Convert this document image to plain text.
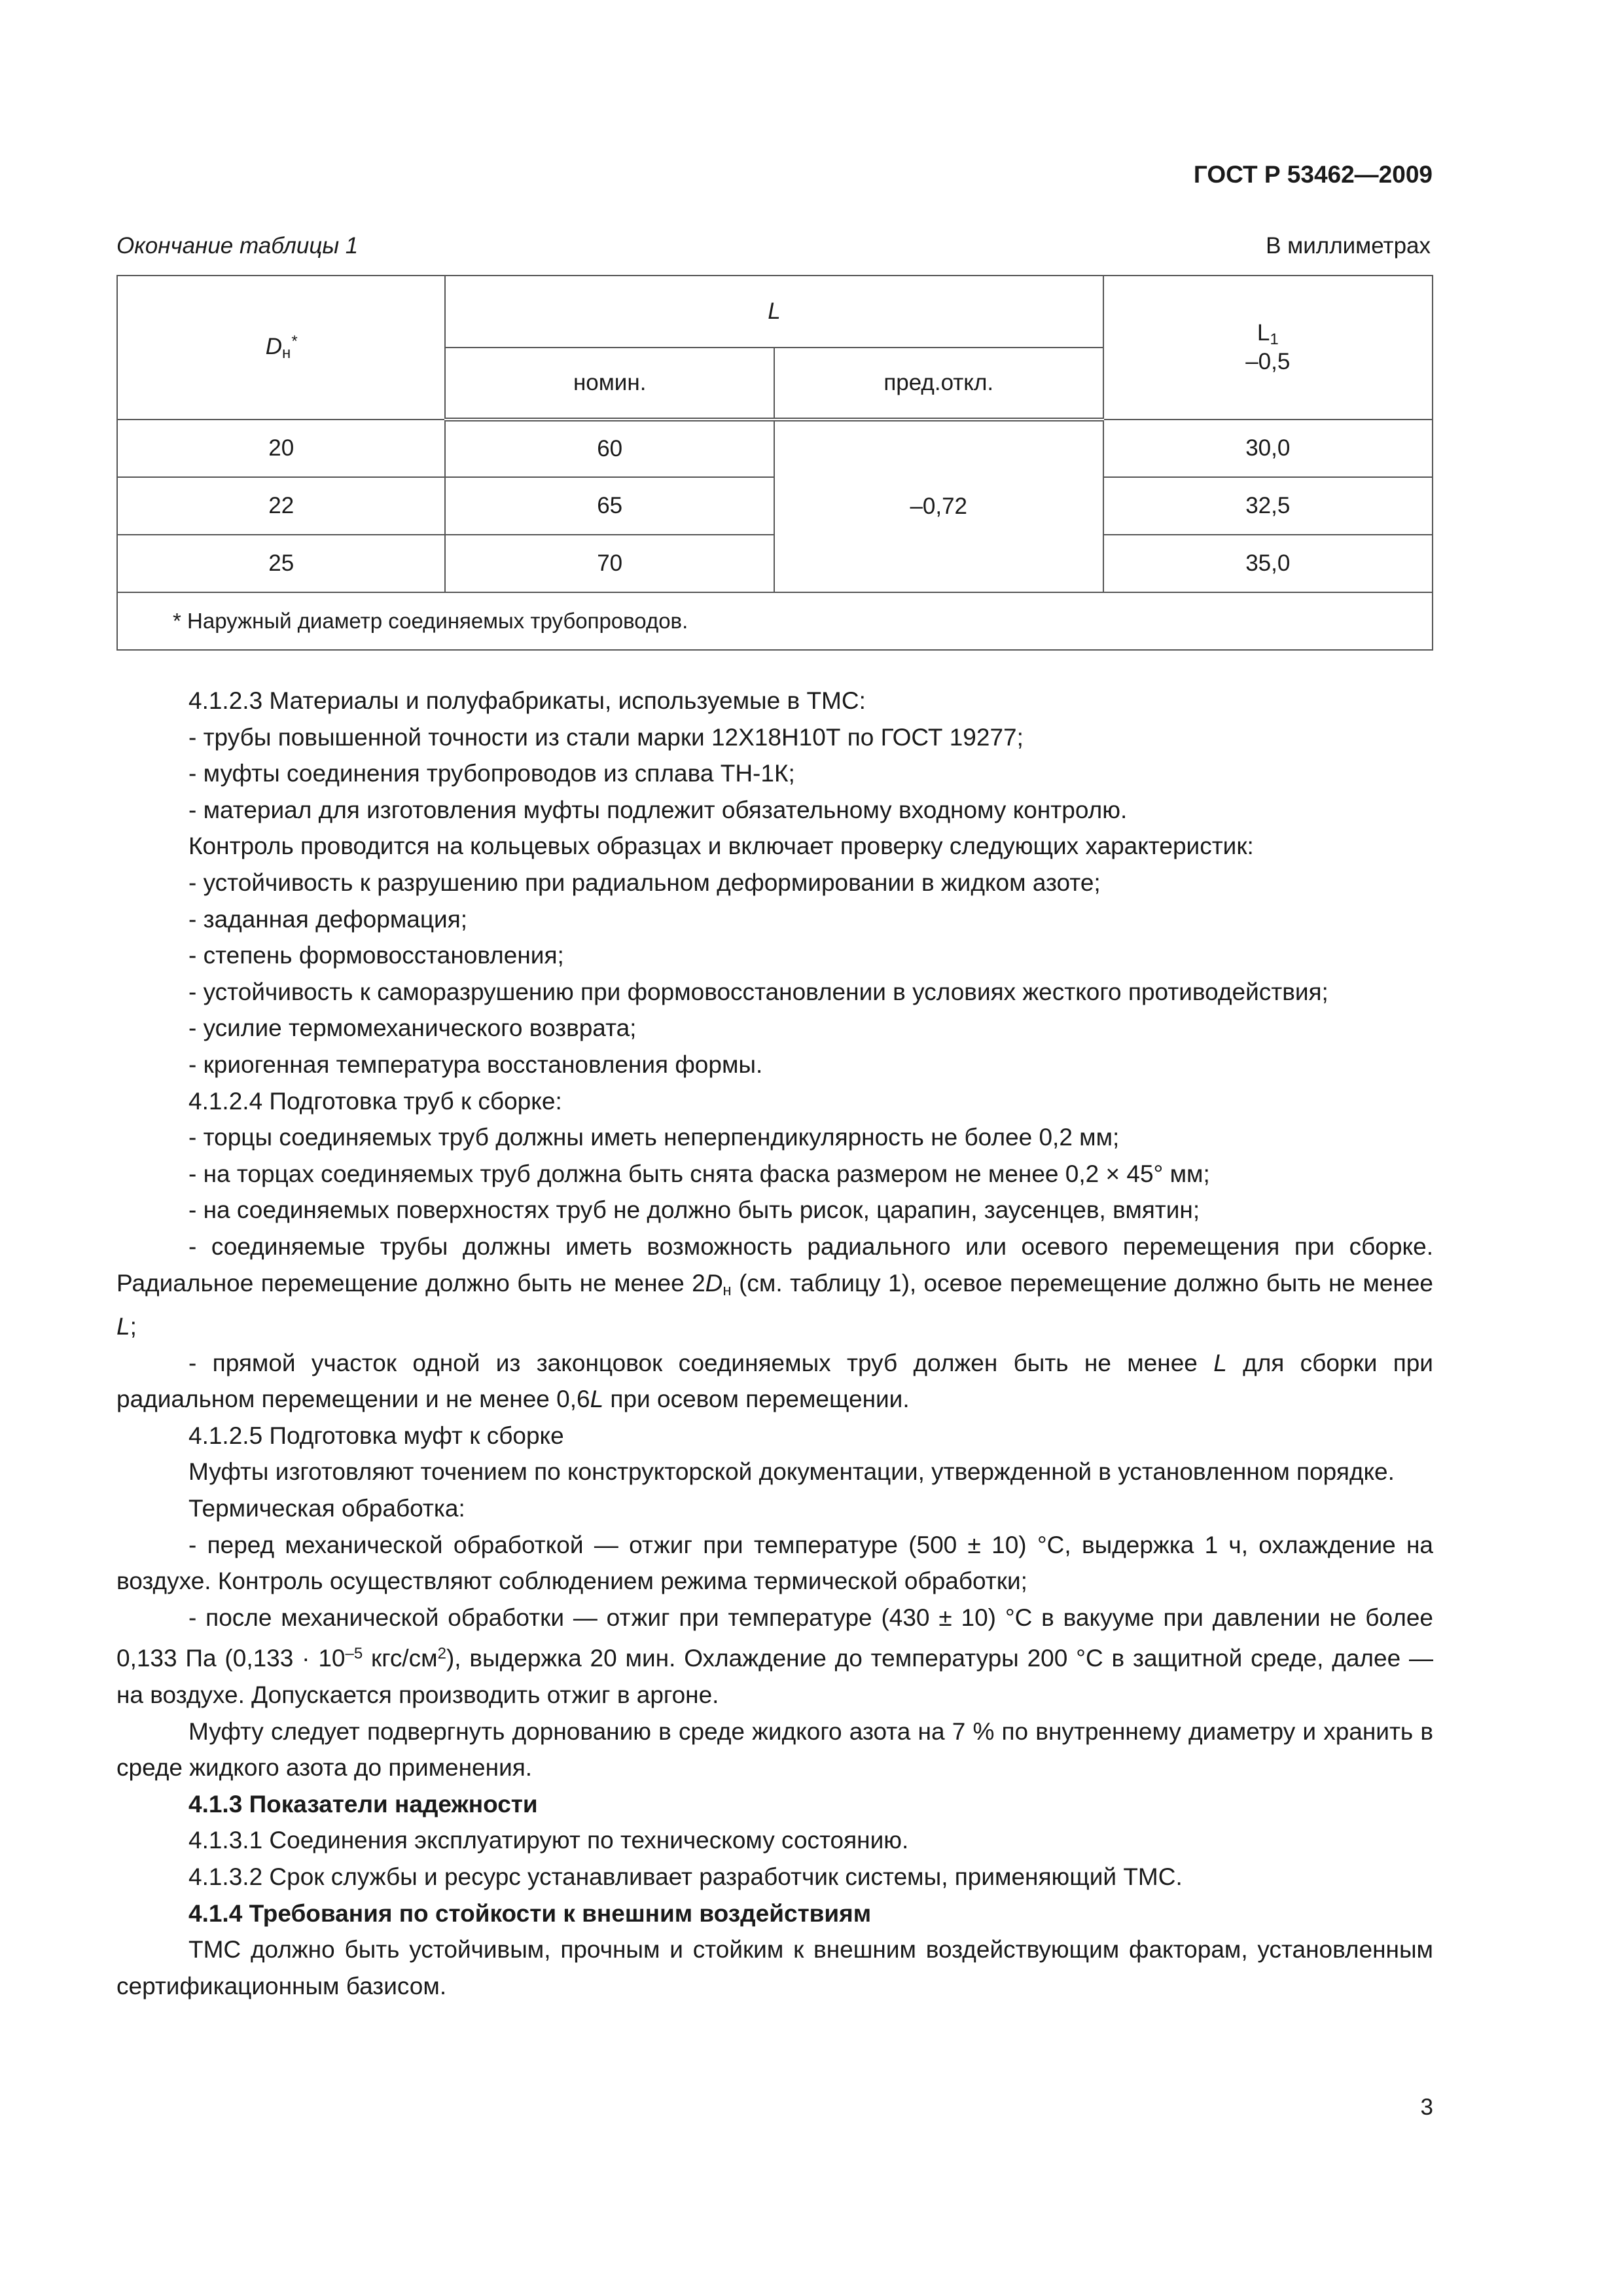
ГОСТ Р 53462—2009
Окончание таблицы 1	В миллиметрах
$D_н^*$	L		$L_1$
–0,5

	номин.	пред.откл.	
20	60	–0,72	30,0
22	65		32,5
25	70		35,0
* Наружный диаметр соединяемых трубопроводов.			

4.1.2.3 Материалы и полуфабрикаты, используемые в ТМС:

- трубы повышенной точности из стали марки 12Х18Н10Т по ГОСТ 19277;

- муфты соединения трубопроводов из сплава ТН-1К;

- материал для изготовления муфты подлежит обязательному входному контролю.

Контроль проводится на кольцевых образцах и включает проверку следующих характеристик:

- устойчивость к разрушению при радиальном деформировании в жидком азоте;

- заданная деформация;

- степень формовосстановления;

- устойчивость к саморазрушению при формовосстановлении в условиях жесткого противодействия;

- усилие термомеханического возврата;

- криогенная температура восстановления формы.

4.1.2.4 Подготовка труб к сборке:

- торцы соединяемых труб должны иметь неперпендикулярность не более 0,2 мм;

- на торцах соединяемых труб должна быть снята фаска размером не менее 0,2 × 45° мм;

- на соединяемых поверхностях труб не должно быть рисок, царапин, заусенцев, вмятин;

- соединяемые трубы должны иметь возможность радиального или осевого перемещения при сборке. Радиальное перемещение должно быть не менее $2D_н$ (см. таблицу 1), осевое перемещение должно быть не менее L;

- прямой участок одной из законцовок соединяемых труб должен быть не менее L для сборки при радиальном перемещении и не менее 0,6L при осевом перемещении.

4.1.2.5 Подготовка муфт к сборке

Муфты изготовляют точением по конструкторской документации, утвержденной в установленном порядке.

Термическая обработка:

- перед механической обработкой — отжиг при температуре (500 ± 10) °С, выдержка 1 ч, охлаждение на воздухе. Контроль осуществляют соблюдением режима термической обработки;

- после механической обработки — отжиг при температуре (430 ± 10) °С в вакууме при давлении не более 0,133 Па ($0,133 \cdot 10^{-5}$ кгс/$см^2$), выдержка 20 мин. Охлаждение до температуры 200 °С в защитной среде, далее — на воздухе. Допускается производить отжиг в аргоне.

Муфту следует подвергнуть дорнованию в среде жидкого азота на 7 % по внутреннему диаметру и хранить в среде жидкого азота до применения.

4.1.3 Показатели надежности

4.1.3.1 Соединения эксплуатируют по техническому состоянию.

4.1.3.2 Срок службы и ресурс устанавливает разработчик системы, применяющий ТМС.

4.1.4 Требования по стойкости к внешним воздействиям

ТМС должно быть устойчивым, прочным и стойким к внешним воздействующим факторам, установленным сертификационным базисом.

3
